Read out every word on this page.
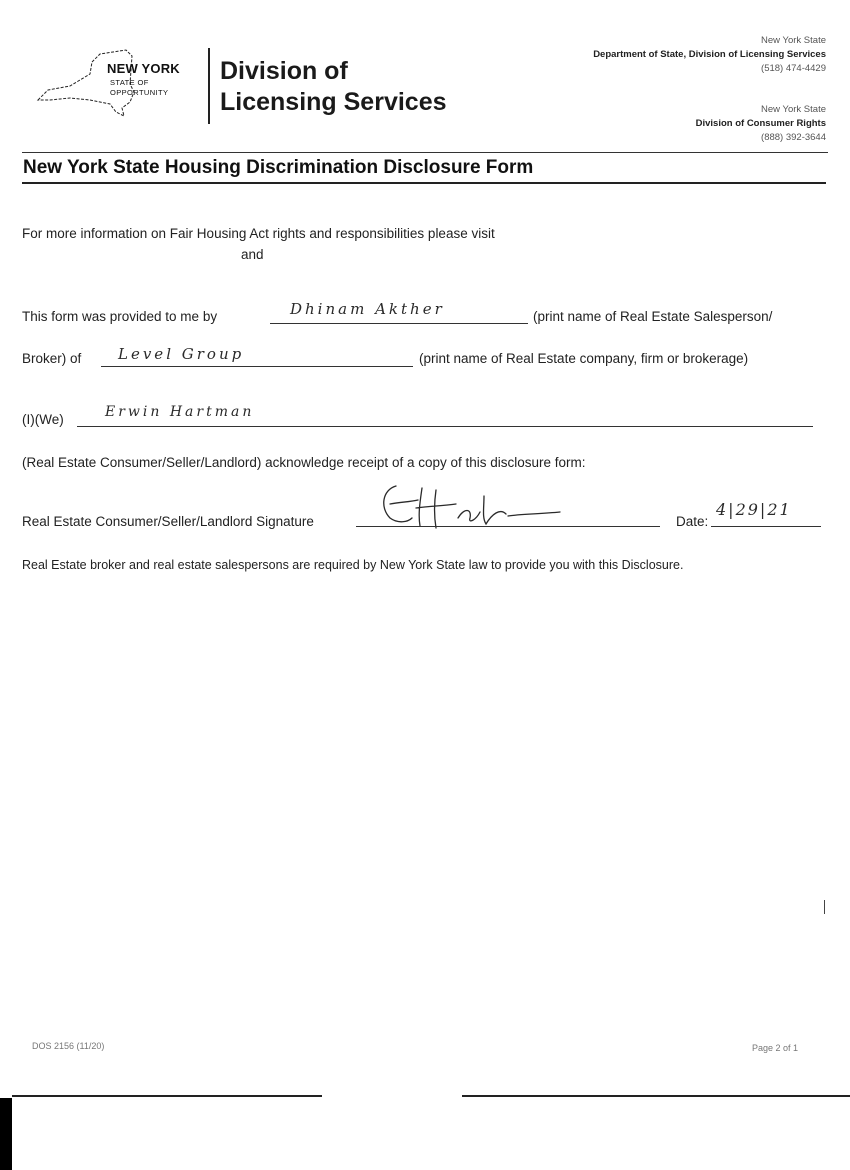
NEW YORK
STATE OF
OPPORTUNITY
Division of
Licensing Services
New York State
Department of State, Division of Licensing Services
(518) 474-4429
New York State
Division of Consumer Rights
(888) 392-3644
New York State Housing Discrimination Disclosure Form
For more information on Fair Housing Act rights and responsibilities please visit
and
This form was provided to me by	Dhinam Akther	(print name of Real Estate Salesperson/
Broker) of Level Group	(print name of Real Estate company, firm or brokerage)
(I)(We)	Erwin Hartman
(Real Estate Consumer/Seller/Landlord) acknowledge receipt of a copy of this disclosure form:
Real Estate Consumer/Seller/Landlord Signature	Date:
4|29|21
Real Estate broker and real estate salespersons are required by New York State law to provide you with this Disclosure.
DOS 2156 (11/20)	Page 2 of 1
